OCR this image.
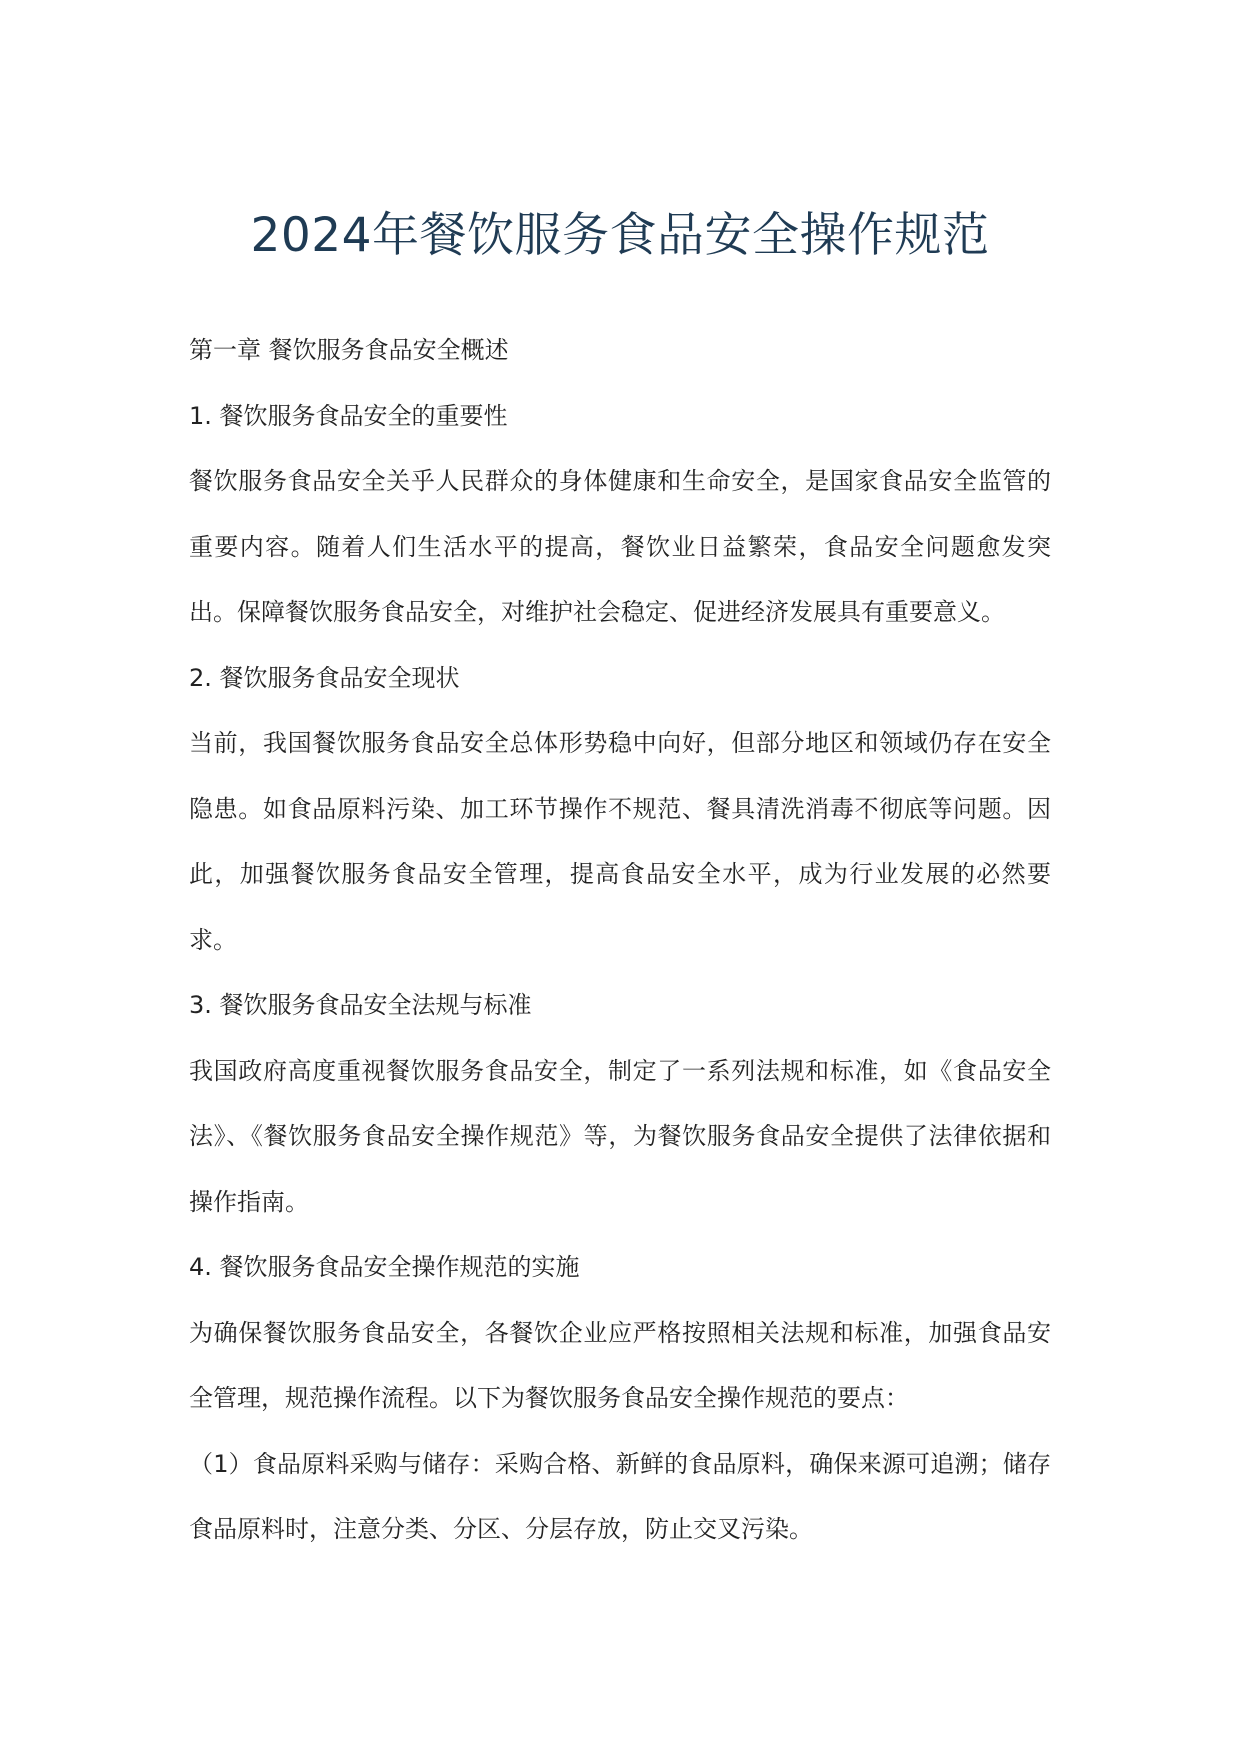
2024年餐饮服务食品安全操作规范

第一章 餐饮服务食品安全概述

1. 餐饮服务食品安全的重要性

餐饮服务食品安全关乎人民群众的身体健康和生命安全，是国家食品安全监管的重要内容。随着人们生活水平的提高，餐饮业日益繁荣，食品安全问题愈发突出。保障餐饮服务食品安全，对维护社会稳定、促进经济发展具有重要意义。

2. 餐饮服务食品安全现状

当前，我国餐饮服务食品安全总体形势稳中向好，但部分地区和领域仍存在安全隐患。如食品原料污染、加工环节操作不规范、餐具清洗消毒不彻底等问题。因此，加强餐饮服务食品安全管理，提高食品安全水平，成为行业发展的必然要求。

3. 餐饮服务食品安全法规与标准

我国政府高度重视餐饮服务食品安全，制定了一系列法规和标准，如《食品安全法》、《餐饮服务食品安全操作规范》等，为餐饮服务食品安全提供了法律依据和操作指南。

4. 餐饮服务食品安全操作规范的实施

为确保餐饮服务食品安全，各餐饮企业应严格按照相关法规和标准，加强食品安全管理，规范操作流程。以下为餐饮服务食品安全操作规范的要点：

（1）食品原料采购与储存：采购合格、新鲜的食品原料，确保来源可追溯；储存食品原料时，注意分类、分区、分层存放，防止交叉污染。
